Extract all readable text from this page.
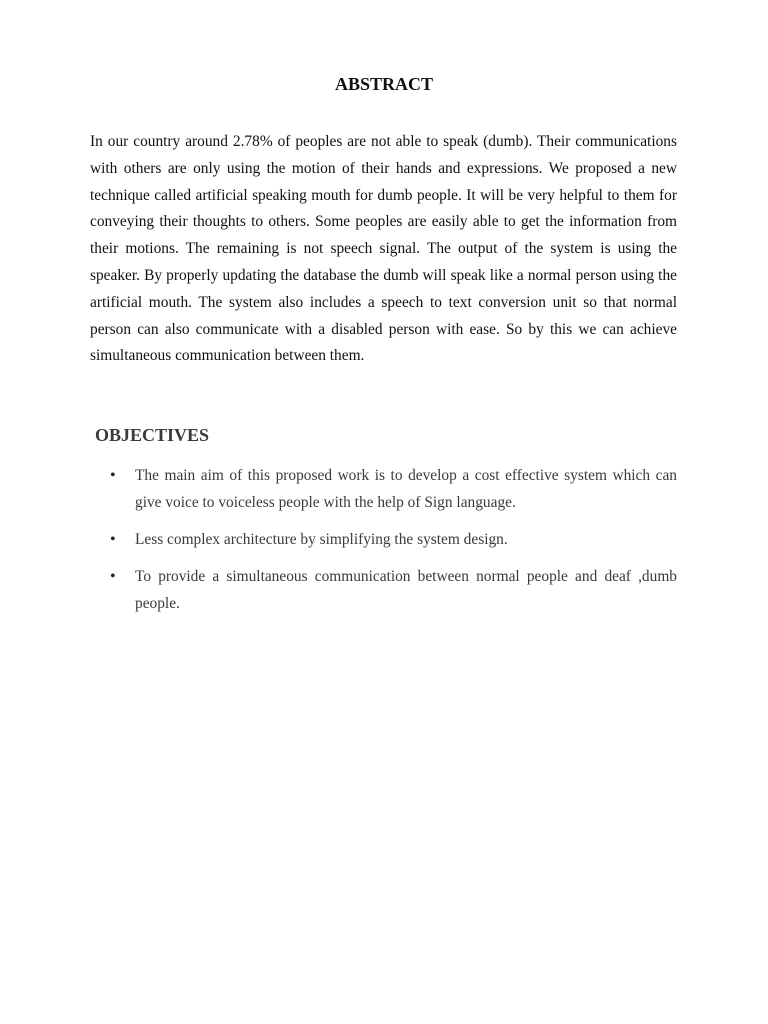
ABSTRACT

In our country around 2.78% of peoples are not able to speak (dumb). Their communications with others are only using the motion of their hands and expressions. We proposed a new technique called artificial speaking mouth for dumb people. It will be very helpful to them for conveying their thoughts to others. Some peoples are easily able to get the information from their motions. The remaining is not speech signal. The output of the system is using the speaker. By properly updating the database the dumb will speak like a normal person using the artificial mouth. The system also includes a speech to text conversion unit so that normal person can also communicate with a disabled person with ease. So by this we can achieve simultaneous communication between them.

OBJECTIVES
• The main aim of this proposed work is to develop a cost effective system which can give voice to voiceless people with the help of Sign language.
• Less complex architecture by simplifying the system design.
• To provide a simultaneous communication between normal people and deaf ,dumb people.
